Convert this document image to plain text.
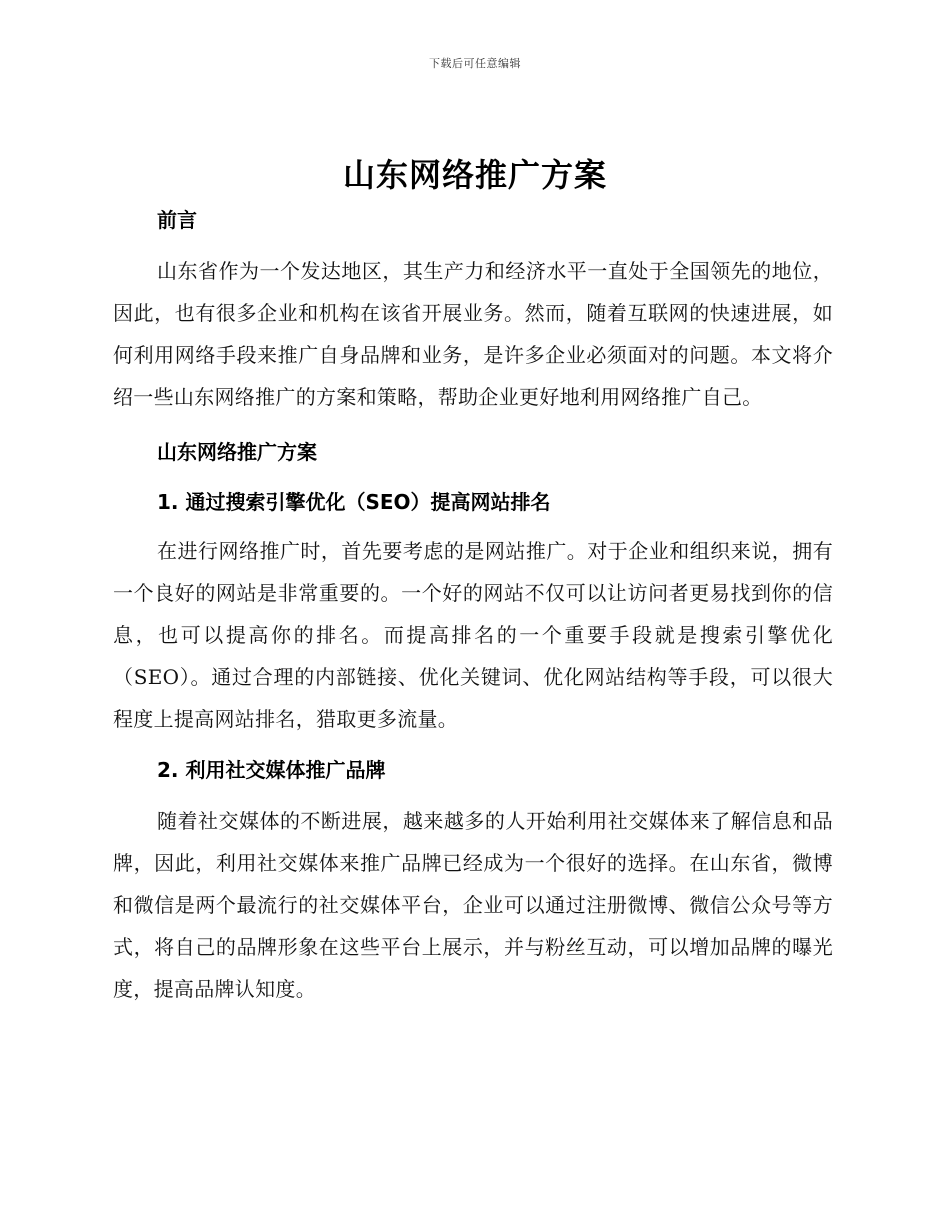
下载后可任意编辑
山东网络推广方案
前言

山东省作为一个发达地区，其生产力和经济水平一直处于全国领先的地位，因此，也有很多企业和机构在该省开展业务。然而，随着互联网的快速进展，如何利用网络手段来推广自身品牌和业务，是许多企业必须面对的问题。本文将介绍一些山东网络推广的方案和策略，帮助企业更好地利用网络推广自己。

山东网络推广方案
1. 通过搜索引擎优化（SEO）提高网站排名

在进行网络推广时，首先要考虑的是网站推广。对于企业和组织来说，拥有一个良好的网站是非常重要的。一个好的网站不仅可以让访问者更易找到你的信息，也可以提高你的排名。而提高排名的一个重要手段就是搜索引擎优化（SEO）。通过合理的内部链接、优化关键词、优化网站结构等手段，可以很大程度上提高网站排名，猎取更多流量。

2. 利用社交媒体推广品牌

随着社交媒体的不断进展，越来越多的人开始利用社交媒体来了解信息和品牌，因此，利用社交媒体来推广品牌已经成为一个很好的选择。在山东省，微博和微信是两个最流行的社交媒体平台，企业可以通过注册微博、微信公众号等方式，将自己的品牌形象在这些平台上展示，并与粉丝互动，可以增加品牌的曝光度，提高品牌认知度。
